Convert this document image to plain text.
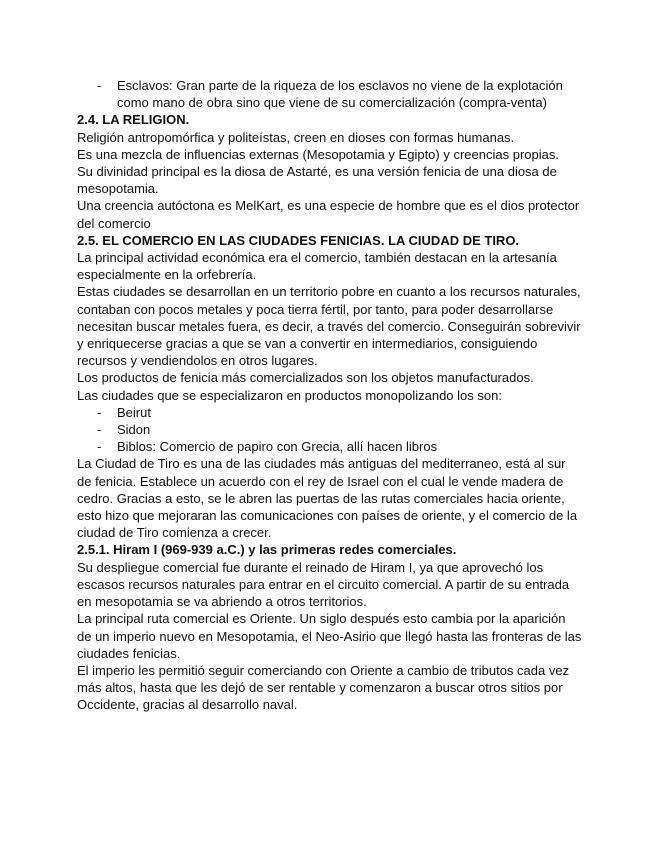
- Esclavos: Gran parte de la riqueza de los esclavos no viene de la explotación como mano de obra sino que viene de su comercialización (compra-venta)

2.4. LA RELIGION.

Religión antropomórfica y politeístas, creen en dioses con formas humanas.

Es una mezcla de influencias externas (Mesopotamia y Egipto) y creencias propias.

Su divinidad principal es la diosa de Astarté, es una versión fenicia de una diosa de mesopotamia.

Una creencia autóctona es MelKart, es una especie de hombre que es el dios protector del comercio

2.5. EL COMERCIO EN LAS CIUDADES FENICIAS. LA CIUDAD DE TIRO.

La principal actividad económica era el comercio, también destacan en la artesanía especialmente en la orfebrería.

Estas ciudades se desarrollan en un territorio pobre en cuanto a los recursos naturales, contaban con pocos metales y poca tierra fértil, por tanto, para poder desarrollarse necesitan buscar metales fuera, es decir, a través del comercio. Conseguirán sobrevivir y enriquecerse gracias a que se van a convertir en intermediarios, consiguiendo recursos y vendiendolos en otros lugares.

Los productos de fenicia más comercializados son los objetos manufacturados.

Las ciudades que se especializaron en productos monopolizando los son:

- Beirut

- Sidon

- Biblos: Comercio de papiro con Grecia, allí hacen libros

La Ciudad de Tiro es una de las ciudades más antiguas del mediterraneo, está al sur de fenicia. Establece un acuerdo con el rey de Israel con el cual le vende madera de cedro. Gracias a esto, se le abren las puertas de las rutas comerciales hacia oriente, esto hizo que mejoraran las comunicaciones con países de oriente, y el comercio de la ciudad de Tiro comienza a crecer.

2.5.1. Hiram I (969-939 a.C.) y las primeras redes comerciales.

Su despliegue comercial fue durante el reinado de Hiram I, ya que aprovechó los escasos recursos naturales para entrar en el circuito comercial. A partir de su entrada en mesopotamia se va abriendo a otros territorios.

La principal ruta comercial es Oriente. Un siglo después esto cambia por la aparición de un imperio nuevo en Mesopotamia, el Neo-Asirio que llegó hasta las fronteras de las ciudades fenicias.

El imperio les permitió seguir comerciando con Oriente a cambio de tributos cada vez más altos, hasta que les dejó de ser rentable y comenzaron a buscar otros sitios por Occidente, gracias al desarrollo naval.
